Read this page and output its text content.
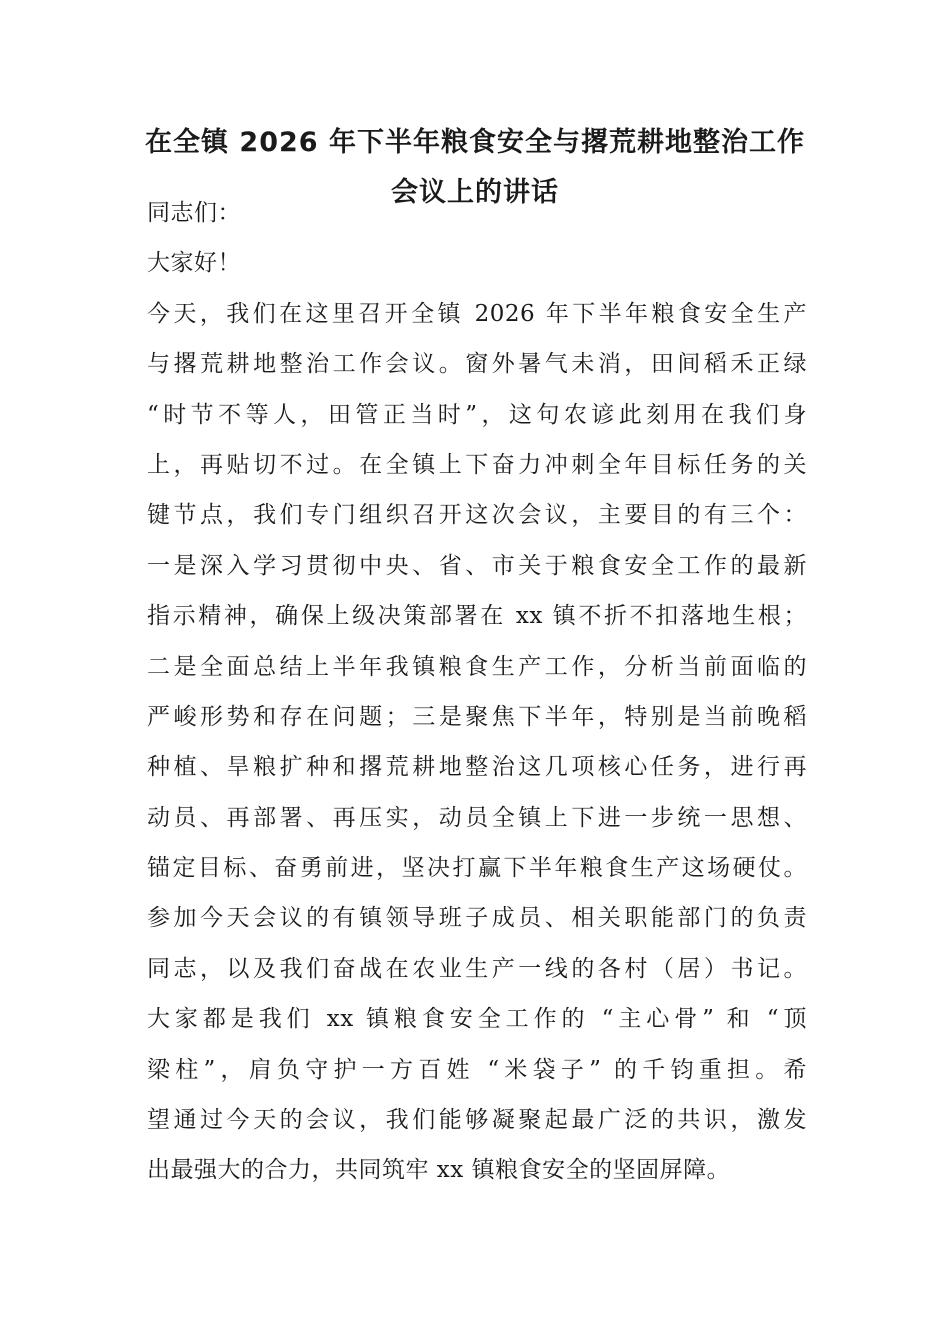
在全镇 2026 年下半年粮食安全与撂荒耕地整治工作
会议上的讲话
同志们：
大家好！
今天，我们在这里召开全镇 2026 年下半年粮食安全生产
与撂荒耕地整治工作会议。窗外暑气未消，田间稻禾正绿
“时节不等人，田管正当时”，这句农谚此刻用在我们身
上，再贴切不过。在全镇上下奋力冲刺全年目标任务的关
键节点，我们专门组织召开这次会议，主要目的有三个：
一是深入学习贯彻中央、省、市关于粮食安全工作的最新
指示精神，确保上级决策部署在 xx 镇不折不扣落地生根；
二是全面总结上半年我镇粮食生产工作，分析当前面临的
严峻形势和存在问题；三是聚焦下半年，特别是当前晚稻
种植、旱粮扩种和撂荒耕地整治这几项核心任务，进行再
动员、再部署、再压实，动员全镇上下进一步统一思想、
锚定目标、奋勇前进，坚决打赢下半年粮食生产这场硬仗。
参加今天会议的有镇领导班子成员、相关职能部门的负责
同志，以及我们奋战在农业生产一线的各村（居）书记。
大家都是我们 xx 镇粮食安全工作的 “主心骨” 和 “顶
梁柱”，肩负守护一方百姓 “米袋子” 的千钧重担。希
望通过今天的会议，我们能够凝聚起最广泛的共识，激发
出最强大的合力，共同筑牢 xx 镇粮食安全的坚固屏障。
